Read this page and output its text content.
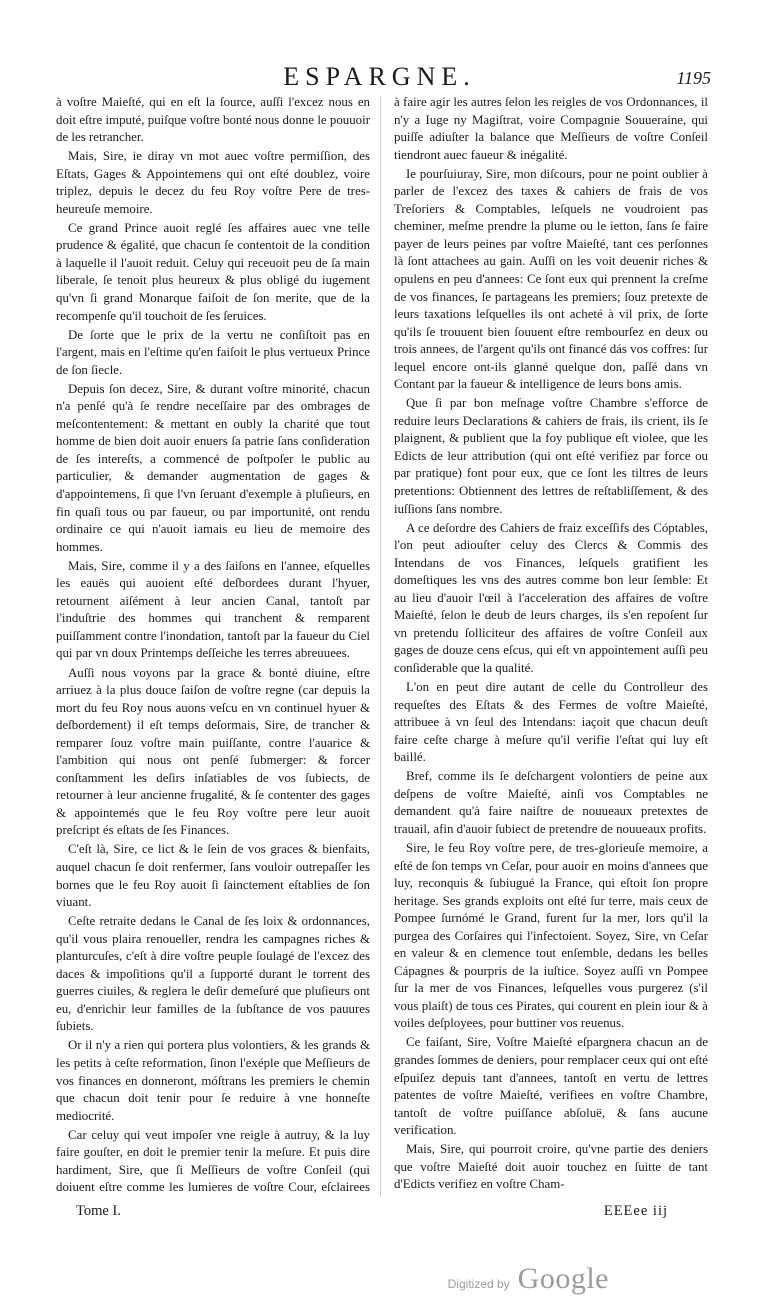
ESPARGNE.	1195

à voſtre Maieſté, qui en eſt la ſource, auſſi l'excez nous en doit eſtre imputé, puiſque voſtre bonté nous donne le pouuoir de les retrancher.

Mais, Sire, ie diray vn mot auec voſtre permiſſion, des Eſtats, Gages & Appointemens qui ont eſté doublez, voire triplez, depuis le decez du feu Roy voſtre Pere de tres-heureuſe memoire.

Ce grand Prince auoit reglé ſes affaires auec vne telle prudence & égalité, que chacun ſe contentoit de la condition à laquelle il l'auoit reduit. Celuy qui receuoit peu de ſa main liberale, ſe tenoit plus heureux & plus obligé du iugement qu'vn ſi grand Monarque faiſoit de ſon merite, que de la recompenſe qu'il touchoit de ſes ſeruices.

De ſorte que le prix de la vertu ne conſiſtoit pas en l'argent, mais en l'eſtime qu'en faiſoit le plus vertueux Prince de ſon ſiecle.

Depuis ſon decez, Sire, & durant voſtre minorité, chacun n'a penſé qu'à ſe rendre neceſſaire par des ombrages de meſcontentement: & mettant en oubly la charité que tout homme de bien doit auoir enuers ſa patrie ſans conſideration de ſes intereſts, a commencé de poſtpoſer le public au particulier, & demander augmentation de gages & d'appointemens, ſi que l'vn ſeruant d'exemple à pluſieurs, en fin quaſi tous ou par faueur, ou par importunité, ont rendu ordinaire ce qui n'auoit iamais eu lieu de memoire des hommes.

Mais, Sire, comme il y a des ſaiſons en l'annee, eſquelles les eauës qui auoient eſté deſbordees durant l'hyuer, retournent aiſément à leur ancien Canal, tantoſt par l'induſtrie des hommes qui tranchent & remparent puiſſamment contre l'inondation, tantoſt par la faueur du Ciel qui par vn doux Printemps deſſeiche les terres abreuuees.

Auſſi nous voyons par la grace & bonté diuine, eſtre arriuez à la plus douce ſaiſon de voſtre regne (car depuis la mort du feu Roy nous auons veſcu en vn continuel hyuer & deſbordement) il eſt temps deſormais, Sire, de trancher & remparer ſouz voſtre main puiſſante, contre l'auarice & l'ambition qui nous ont penſé ſubmerger: & forcer conſtamment les deſirs inſatiables de vos ſubiects, de retourner à leur ancienne frugalité, & ſe contenter des gages & appointemés que le feu Roy voſtre pere leur auoit preſcript és eſtats de ſes Finances.

C'eſt là, Sire, ce lict & le ſein de vos graces & bienfaits, auquel chacun ſe doit renfermer, ſans vouloir outrepaſſer les bornes que le feu Roy auoit ſi ſainctement eſtablies de ſon viuant.

Ceſte retraite dedans le Canal de ſes loix & ordonnances, qu'il vous plaira renoueller, rendra les campagnes riches & planturcuſes, c'eſt à dire voſtre peuple ſoulagé de l'excez des daces & impoſitions qu'il a ſupporté durant le torrent des guerres ciuiles, & reglera le deſir demeſuré que pluſieurs ont eu, d'enrichir leur familles de la ſubſtance de vos pauures ſubiets.

Or il n'y a rien qui portera plus volontiers, & les grands & les petits à ceſte reformation, ſinon l'exéple que Meſſieurs de vos finances en donneront, móſtrans les premiers le chemin que chacun doit tenir pour ſe reduire à vne honneſte mediocrité.

Car celuy qui veut impoſer vne reigle à autruy, & la luy faire gouſter, en doit le premier tenir la meſure. Et puis dire hardiment, Sire, que ſi Meſſieurs de voſtre Conſeil (qui doiuent eſtre comme les lumieres de voſtre Cour, eſclairees

à faire agir les autres ſelon les reigles de vos Ordonnances, il n'y a Iuge ny Magiſtrat, voire Compagnie Souueraine, qui puiſſe adiuſter la balance que Meſſieurs de voſtre Conſeil tiendront auec faueur & inégalité.

Ie pourſuiuray, Sire, mon diſcours, pour ne point oublier à parler de l'excez des taxes & cahiers de frais de vos Treſoriers & Comptables, leſquels ne voudroient pas cheminer, meſme prendre la plume ou le ietton, ſans ſe faire payer de leurs peines par voſtre Maieſté, tant ces perſonnes là ſont attachees au gain. Auſſi on les voit deuenir riches & opulens en peu d'annees: Ce ſont eux qui prennent la creſme de vos finances, ſe partageans les premiers; ſouz pretexte de leurs taxations leſquelles ils ont acheté à vil prix, de ſorte qu'ils ſe trouuent bien ſouuent eſtre rembourſez en deux ou trois annees, de l'argent qu'ils ont financé dás vos coffres: ſur lequel encore ont-ils glanné quelque don, paſſé dans vn Contant par la faueur & intelligence de leurs bons amis.

Que ſi par bon meſnage voſtre Chambre s'efforce de reduire leurs Declarations & cahiers de frais, ils crient, ils ſe plaignent, & publient que la foy publique eſt violee, que les Edicts de leur attribution (qui ont eſté verifiez par force ou par pratique) font pour eux, que ce ſont les tiltres de leurs pretentions: Obtiennent des lettres de reſtabliſſement, & des iuſſions ſans nombre.

A ce deſordre des Cahiers de fraiz exceſſifs des Cóptables, l'on peut adiouſter celuy des Clercs & Commis des Intendans de vos Finances, leſquels gratifient les domeſtiques les vns des autres comme bon leur ſemble: Et au lieu d'auoir l'œil à l'acceleration des affaires de voſtre Maieſté, ſelon le deub de leurs charges, ils s'en repoſent ſur vn pretendu ſolliciteur des affaires de voſtre Conſeil aux gages de douze cens eſcus, qui eſt vn appointement auſſi peu conſiderable que la qualité.

L'on en peut dire autant de celle du Controlleur des requeſtes des Eſtats & des Fermes de voſtre Maieſté, attribuee à vn ſeul des Intendans: iaçoit que chacun deuſt faire ceſte charge à meſure qu'il verifie l'eſtat qui luy eſt baillé.

Bref, comme ils ſe deſchargent volontiers de peine aux deſpens de voſtre Maieſté, ainſi vos Comptables ne demandent qu'à faire naiſtre de nouueaux pretextes de trauail, afin d'auoir ſubiect de pretendre de nouueaux profits.

Sire, le feu Roy voſtre pere, de tres-glorieuſe memoire, a eſté de ſon temps vn Ceſar, pour auoir en moins d'annees que luy, reconquis & ſubiugué la France, qui eſtoit ſon propre heritage. Ses grands exploits ont eſté ſur terre, mais ceux de Pompee ſurnómé le Grand, furent ſur la mer, lors qu'il la purgea des Corſaires qui l'infectoient. Soyez, Sire, vn Ceſar en valeur & en clemence tout enſemble, dedans les belles Cápagnes & pourpris de la iuſtice. Soyez auſſi vn Pompee ſur la mer de vos Finances, leſquelles vous purgerez (s'il vous plaiſt) de tous ces Pirates, qui courent en plein iour & à voiles deſployees, pour buttiner vos reuenus.

Ce faiſant, Sire, Voſtre Maieſté eſpargnera chacun an de grandes ſommes de deniers, pour remplacer ceux qui ont eſté eſpuiſez depuis tant d'annees, tantoſt en vertu de lettres patentes de voſtre Maieſté, verifiees en voſtre Chambre, tantoſt de voſtre puiſſance abſoluë, & ſans aucune verification.

Mais, Sire, qui pourroit croire, qu'vne partie des deniers que voſtre Maieſté doit auoir touchez en ſuitte de tant d'Edicts verifiez en voſtre Cham-

Tome I.	EEEee iij
Digitized by Google
